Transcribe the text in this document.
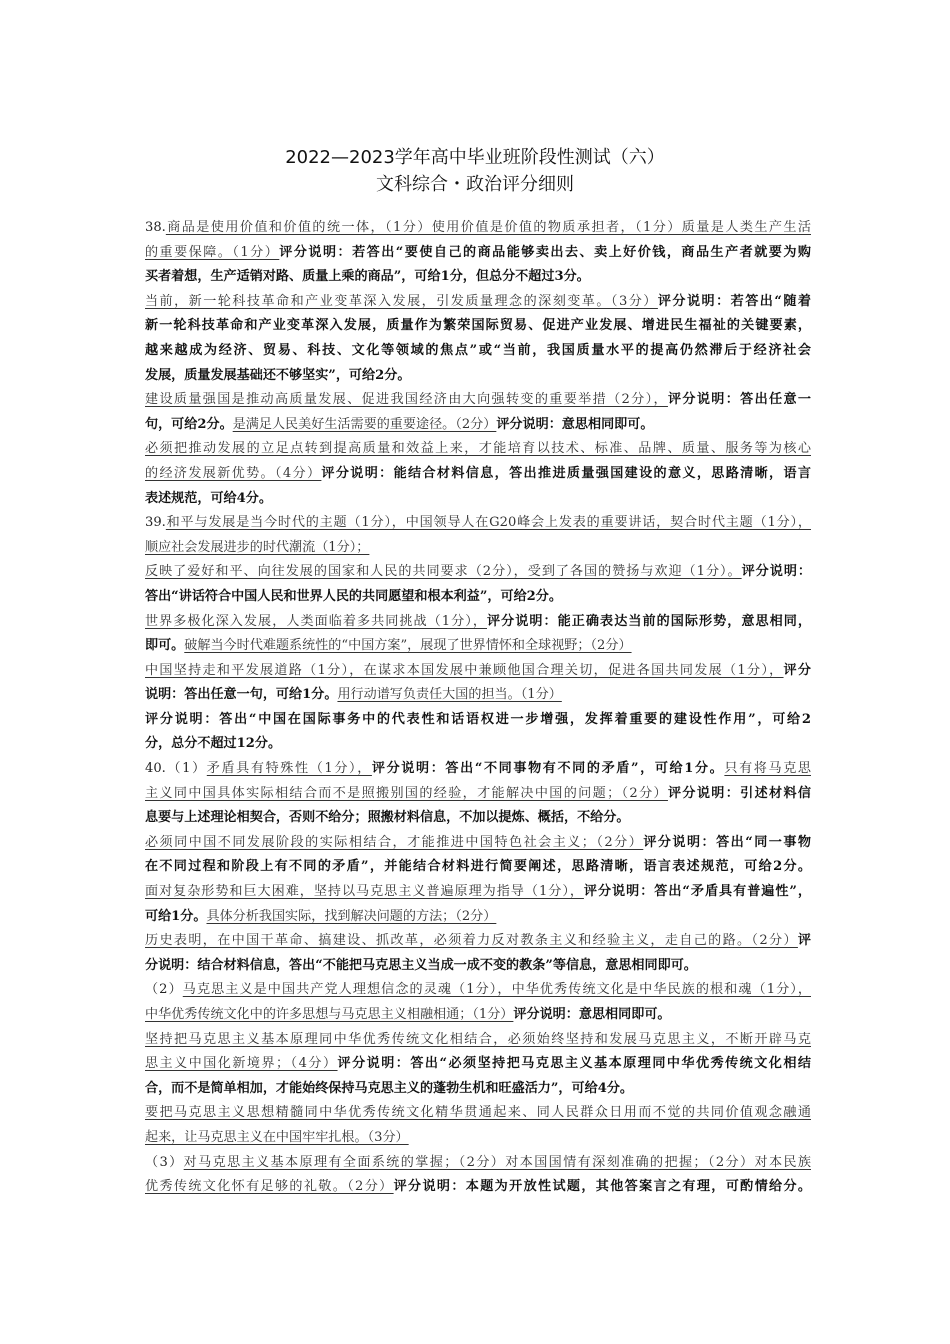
2022—2023学年高中毕业班阶段性测试（六）
文科综合・政治评分细则
38.商品是使用价值和价值的统一体，（1分）使用价值是价值的物质承担者，（1分）质量是人类生产生活
的重要保障。（1分）评分说明：若答出“要使自己的商品能够卖出去、卖上好价钱，商品生产者就要为购
买者着想，生产适销对路、质量上乘的商品”，可给1分，但总分不超过3分。
当前，新一轮科技革命和产业变革深入发展，引发质量理念的深刻变革。（3分）评分说明：若答出“随着
新一轮科技革命和产业变革深入发展，质量作为繁荣国际贸易、促进产业发展、增进民生福祉的关键要素，
越来越成为经济、贸易、科技、文化等领域的焦点”或“当前，我国质量水平的提高仍然滞后于经济社会
发展，质量发展基础还不够坚实”，可给2分。
建设质量强国是推动高质量发展、促进我国经济由大向强转变的重要举措（2分），评分说明：答出任意一
句，可给2分。是满足人民美好生活需要的重要途径。（2分）评分说明：意思相同即可。
必须把推动发展的立足点转到提高质量和效益上来，才能培育以技术、标准、品牌、质量、服务等为核心
的经济发展新优势。（4分）评分说明：能结合材料信息，答出推进质量强国建设的意义，思路清晰，语言
表述规范，可给4分。
39.和平与发展是当今时代的主题（1分），中国领导人在G20峰会上发表的重要讲话，契合时代主题（1分），
顺应社会发展进步的时代潮流（1分）；
反映了爱好和平、向往发展的国家和人民的共同要求（2分），受到了各国的赞扬与欢迎（1分）。评分说明：
答出“讲话符合中国人民和世界人民的共同愿望和根本利益”，可给2分。
世界多极化深入发展，人类面临着多共同挑战（1分），评分说明：能正确表达当前的国际形势，意思相同，
即可。破解当今时代难题系统性的“中国方案”，展现了世界情怀和全球视野；（2分）
中国坚持走和平发展道路（1分），在谋求本国发展中兼顾他国合理关切，促进各国共同发展（1分），评分
说明：答出任意一句，可给1分。用行动谱写负责任大国的担当。（1分）
评分说明：答出“中国在国际事务中的代表性和话语权进一步增强，发挥着重要的建设性作用”，可给2
分，总分不超过12分。
40.（1）矛盾具有特殊性（1分），评分说明：答出“不同事物有不同的矛盾”，可给1分。只有将马克思
主义同中国具体实际相结合而不是照搬别国的经验，才能解决中国的问题；（2分）评分说明：引述材料信
息要与上述理论相契合，否则不给分；照搬材料信息，不加以提炼、概括，不给分。
必须同中国不同发展阶段的实际相结合，才能推进中国特色社会主义；（2分）评分说明：答出“同一事物
在不同过程和阶段上有不同的矛盾”，并能结合材料进行简要阐述，思路清晰，语言表述规范，可给2分。
面对复杂形势和巨大困难，坚持以马克思主义普遍原理为指导（1分），评分说明：答出“矛盾具有普遍性”，
可给1分。具体分析我国实际，找到解决问题的方法；（2分）
历史表明，在中国干革命、搞建设、抓改革，必须着力反对教条主义和经验主义，走自己的路。（2分）评
分说明：结合材料信息，答出“不能把马克思主义当成一成不变的教条”等信息，意思相同即可。
（2）马克思主义是中国共产党人理想信念的灵魂（1分），中华优秀传统文化是中华民族的根和魂（1分），
中华优秀传统文化中的许多思想与马克思主义相融相通；（1分）评分说明：意思相同即可。
坚持把马克思主义基本原理同中华优秀传统文化相结合，必须始终坚持和发展马克思主义，不断开辟马克
思主义中国化新境界；（4分）评分说明：答出“必须坚持把马克思主义基本原理同中华优秀传统文化相结
合，而不是简单相加，才能始终保持马克思主义的蓬勃生机和旺盛活力”，可给4分。
要把马克思主义思想精髓同中华优秀传统文化精华贯通起来、同人民群众日用而不觉的共同价值观念融通
起来，让马克思主义在中国牢牢扎根。（3分）
（3）对马克思主义基本原理有全面系统的掌握；（2分）对本国国情有深刻准确的把握；（2分）对本民族
优秀传统文化怀有足够的礼敬。（2分）评分说明：本题为开放性试题，其他答案言之有理，可酌情给分。
